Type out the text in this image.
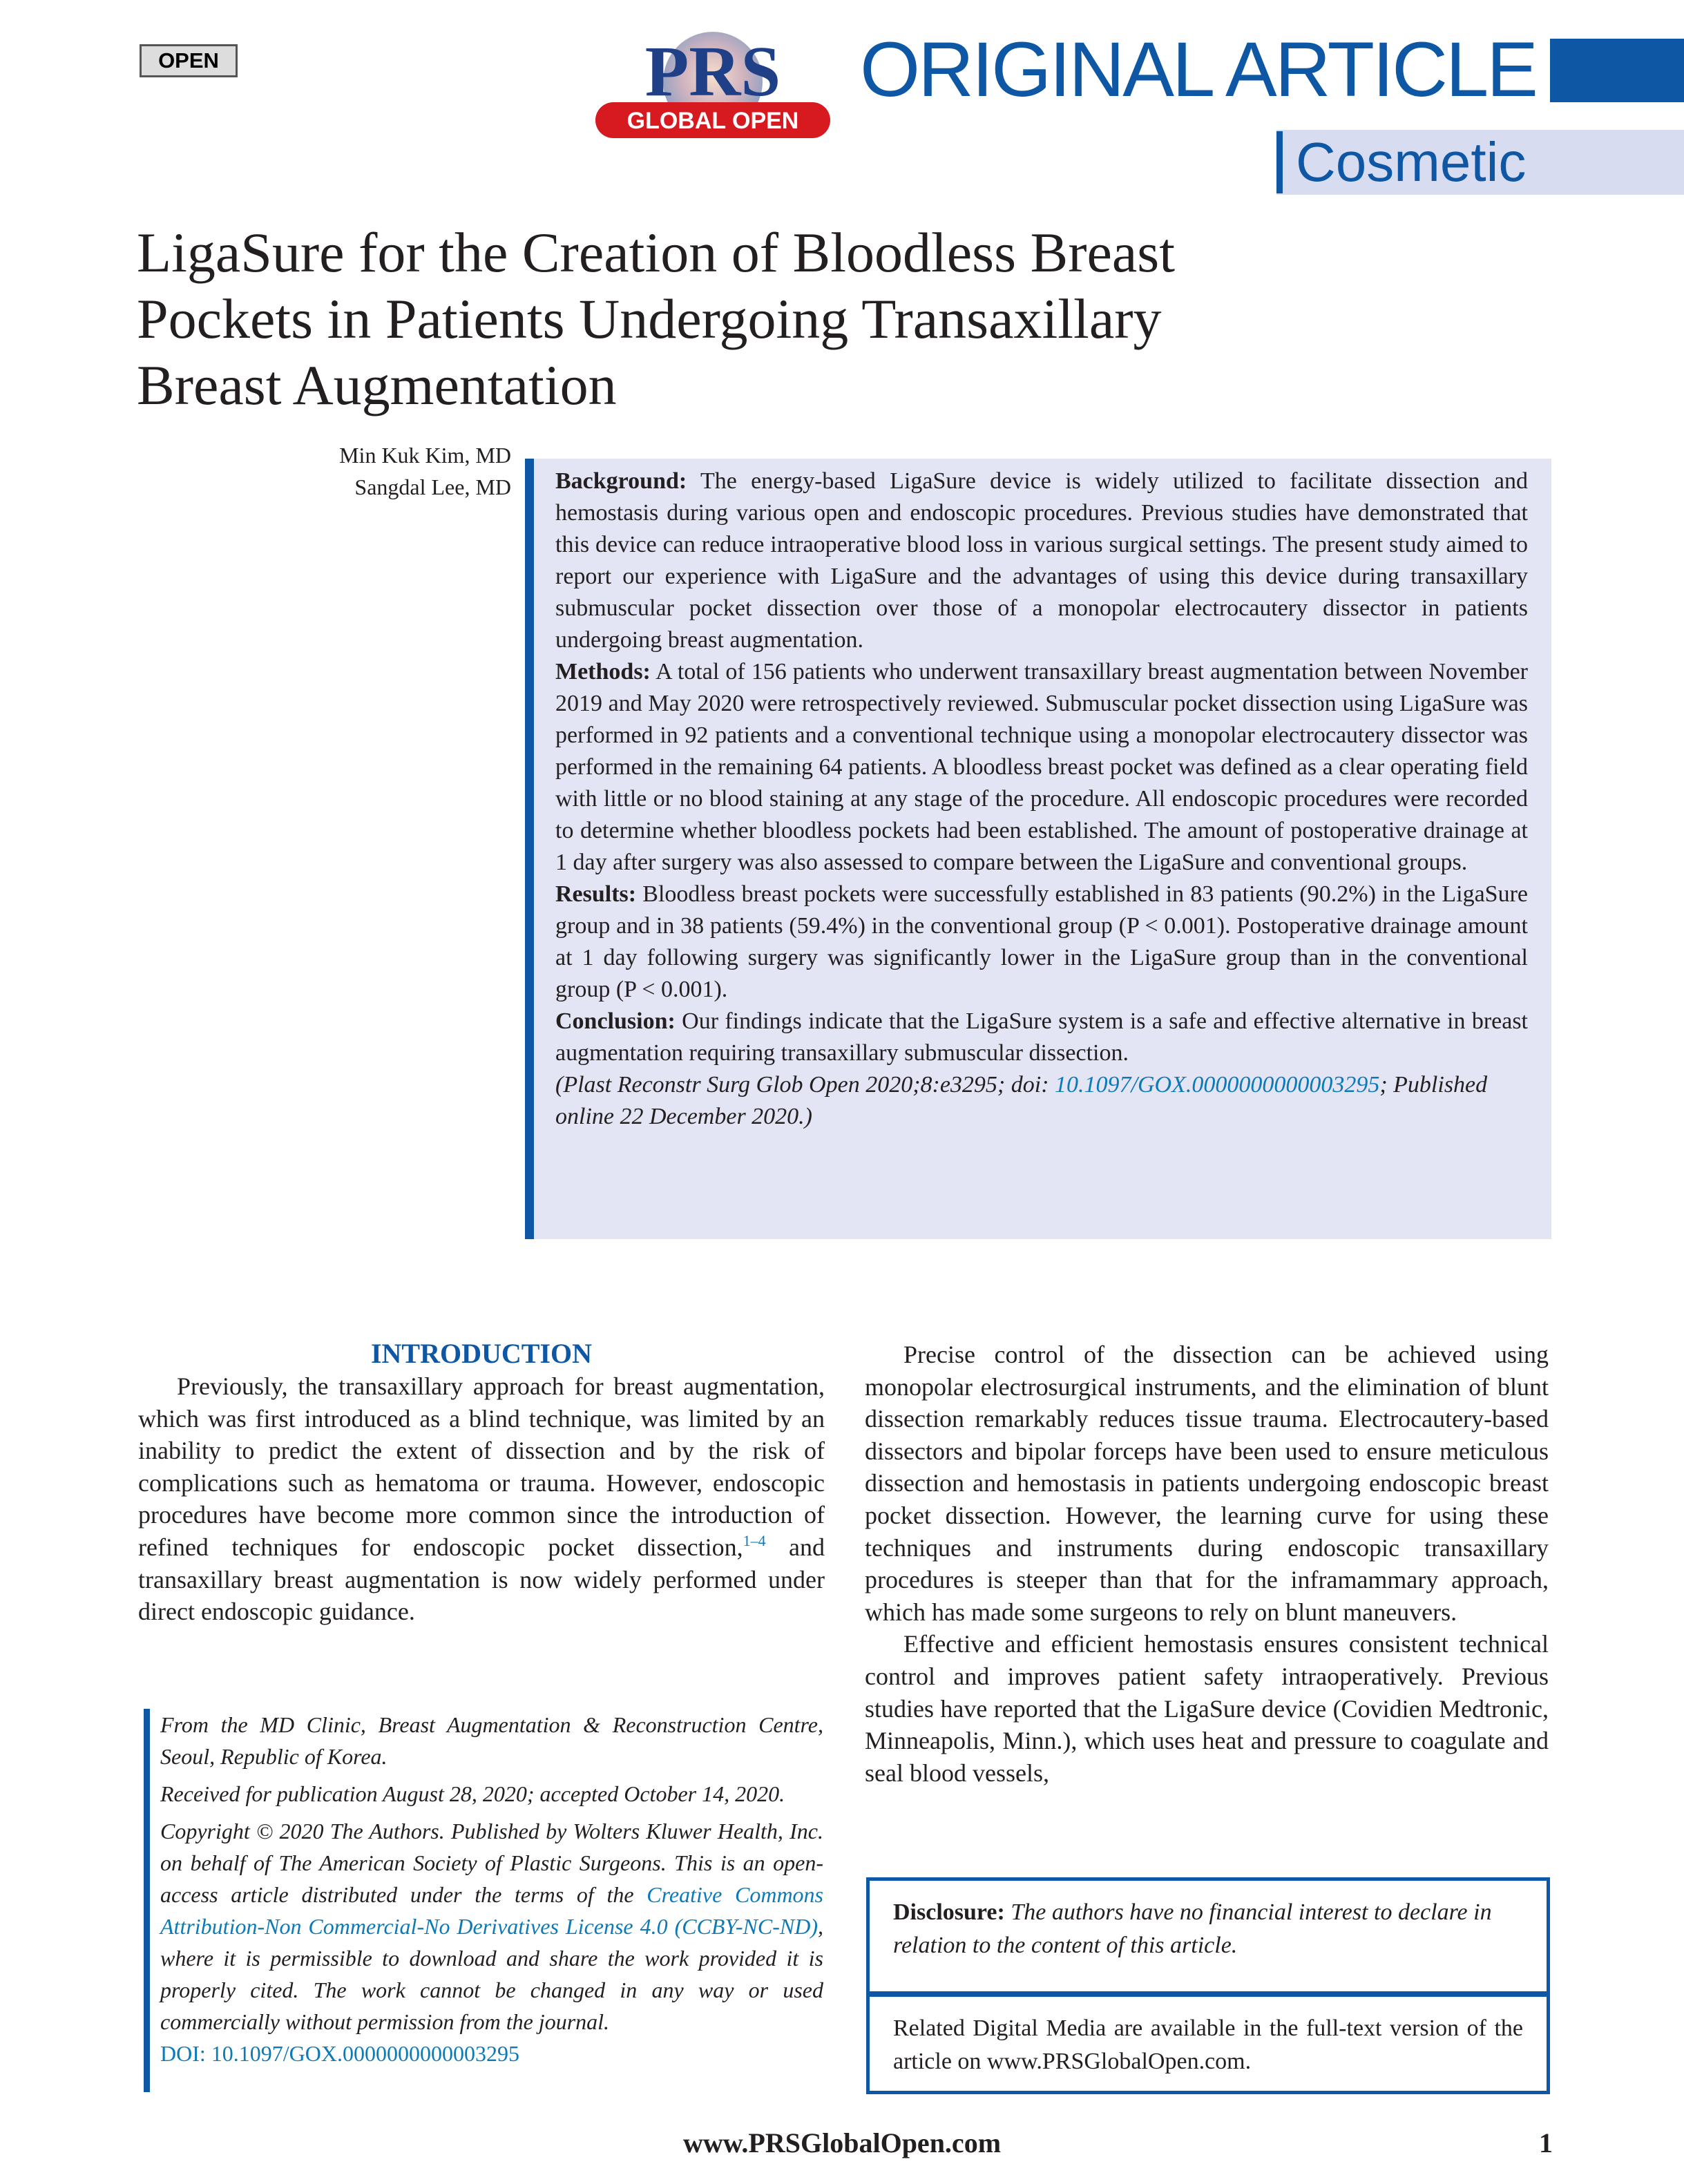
OPEN	PRS
GLOBAL OPEN
ORIGINAL ARTICLE
Cosmetic
LigaSure for the Creation of Bloodless Breast
Pockets in Patients Undergoing Transaxillary
Breast Augmentation
Min Kuk Kim, MD
Sangdal Lee, MD Background: The energy-based LigaSure device is widely utilized to facilitate dissection and hemostasis during various open and endoscopic procedures. Previous studies have demonstrated that this device can reduce intraoperative blood loss in various surgical settings. The present study aimed to report our experience with LigaSure and the advantages of using this device during transaxillary submuscular pocket dissection over those of a monopolar electrocautery dissector in patients undergoing breast augmentation.

Methods: A total of 156 patients who underwent transaxillary breast augmentation between November 2019 and May 2020 were retrospectively reviewed. Submuscular pocket dissection using LigaSure was performed in 92 patients and a conventional technique using a monopolar electrocautery dissector was performed in the remaining 64 patients. A bloodless breast pocket was defined as a clear operating field with little or no blood staining at any stage of the procedure. All endoscopic procedures were recorded to determine whether bloodless pockets had been established. The amount of postoperative drainage at 1 day after surgery was also assessed to compare between the LigaSure and conventional groups.

Results: Bloodless breast pockets were successfully established in 83 patients (90.2%) in the LigaSure group and in 38 patients (59.4%) in the conventional group (P < 0.001). Postoperative drainage amount at 1 day following surgery was significantly lower in the LigaSure group than in the conventional group (P < 0.001).

Conclusion: Our findings indicate that the LigaSure system is a safe and effective alternative in breast augmentation requiring transaxillary submuscular dissection.

(Plast Reconstr Surg Glob Open 2020;8:e3295; doi: 10.1097/GOX.0000000000003295; Published online 22 December 2020.)

INTRODUCTION

Previously, the transaxillary approach for breast augmentation, which was first introduced as a blind technique, was limited by an inability to predict the extent of dissection and by the risk of complications such as hematoma or trauma. However, endoscopic procedures have become more common since the introduction of refined techniques for endoscopic pocket dissection,$^{1-4}$ and transaxillary breast augmentation is now widely performed under direct endoscopic guidance.

From the MD Clinic, Breast Augmentation & Reconstruction Centre, Seoul, Republic of Korea.

Received for publication August 28, 2020; accepted October 14, 2020.

Copyright © 2020 The Authors. Published by Wolters Kluwer Health, Inc. on behalf of The American Society of Plastic Surgeons. This is an open-access article distributed under the terms of the Creative Commons Attribution-Non Commercial-No Derivatives License 4.0 (CCBY-NC-ND), where it is permissible to download and share the work provided it is properly cited. The work cannot be changed in any way or used commercially without permission from the journal.

DOI: 10.1097/GOX.0000000000003295

Precise control of the dissection can be achieved using monopolar electrosurgical instruments, and the elimination of blunt dissection remarkably reduces tissue trauma. Electrocautery-based dissectors and bipolar forceps have been used to ensure meticulous dissection and hemostasis in patients undergoing endoscopic breast pocket dissection. However, the learning curve for using these techniques and instruments during endoscopic transaxillary procedures is steeper than that for the inframammary approach, which has made some surgeons to rely on blunt maneuvers.

Effective and efficient hemostasis ensures consistent technical control and improves patient safety intraoperatively. Previous studies have reported that the LigaSure device (Covidien Medtronic, Minneapolis, Minn.), which uses heat and pressure to coagulate and seal blood vessels,

Disclosure: The authors have no financial interest to declare in relation to the content of this article.
Related Digital Media are available in the full-text version of the article on www.PRSGlobalOpen.com.
www.PRSGlobalOpen.com	1
